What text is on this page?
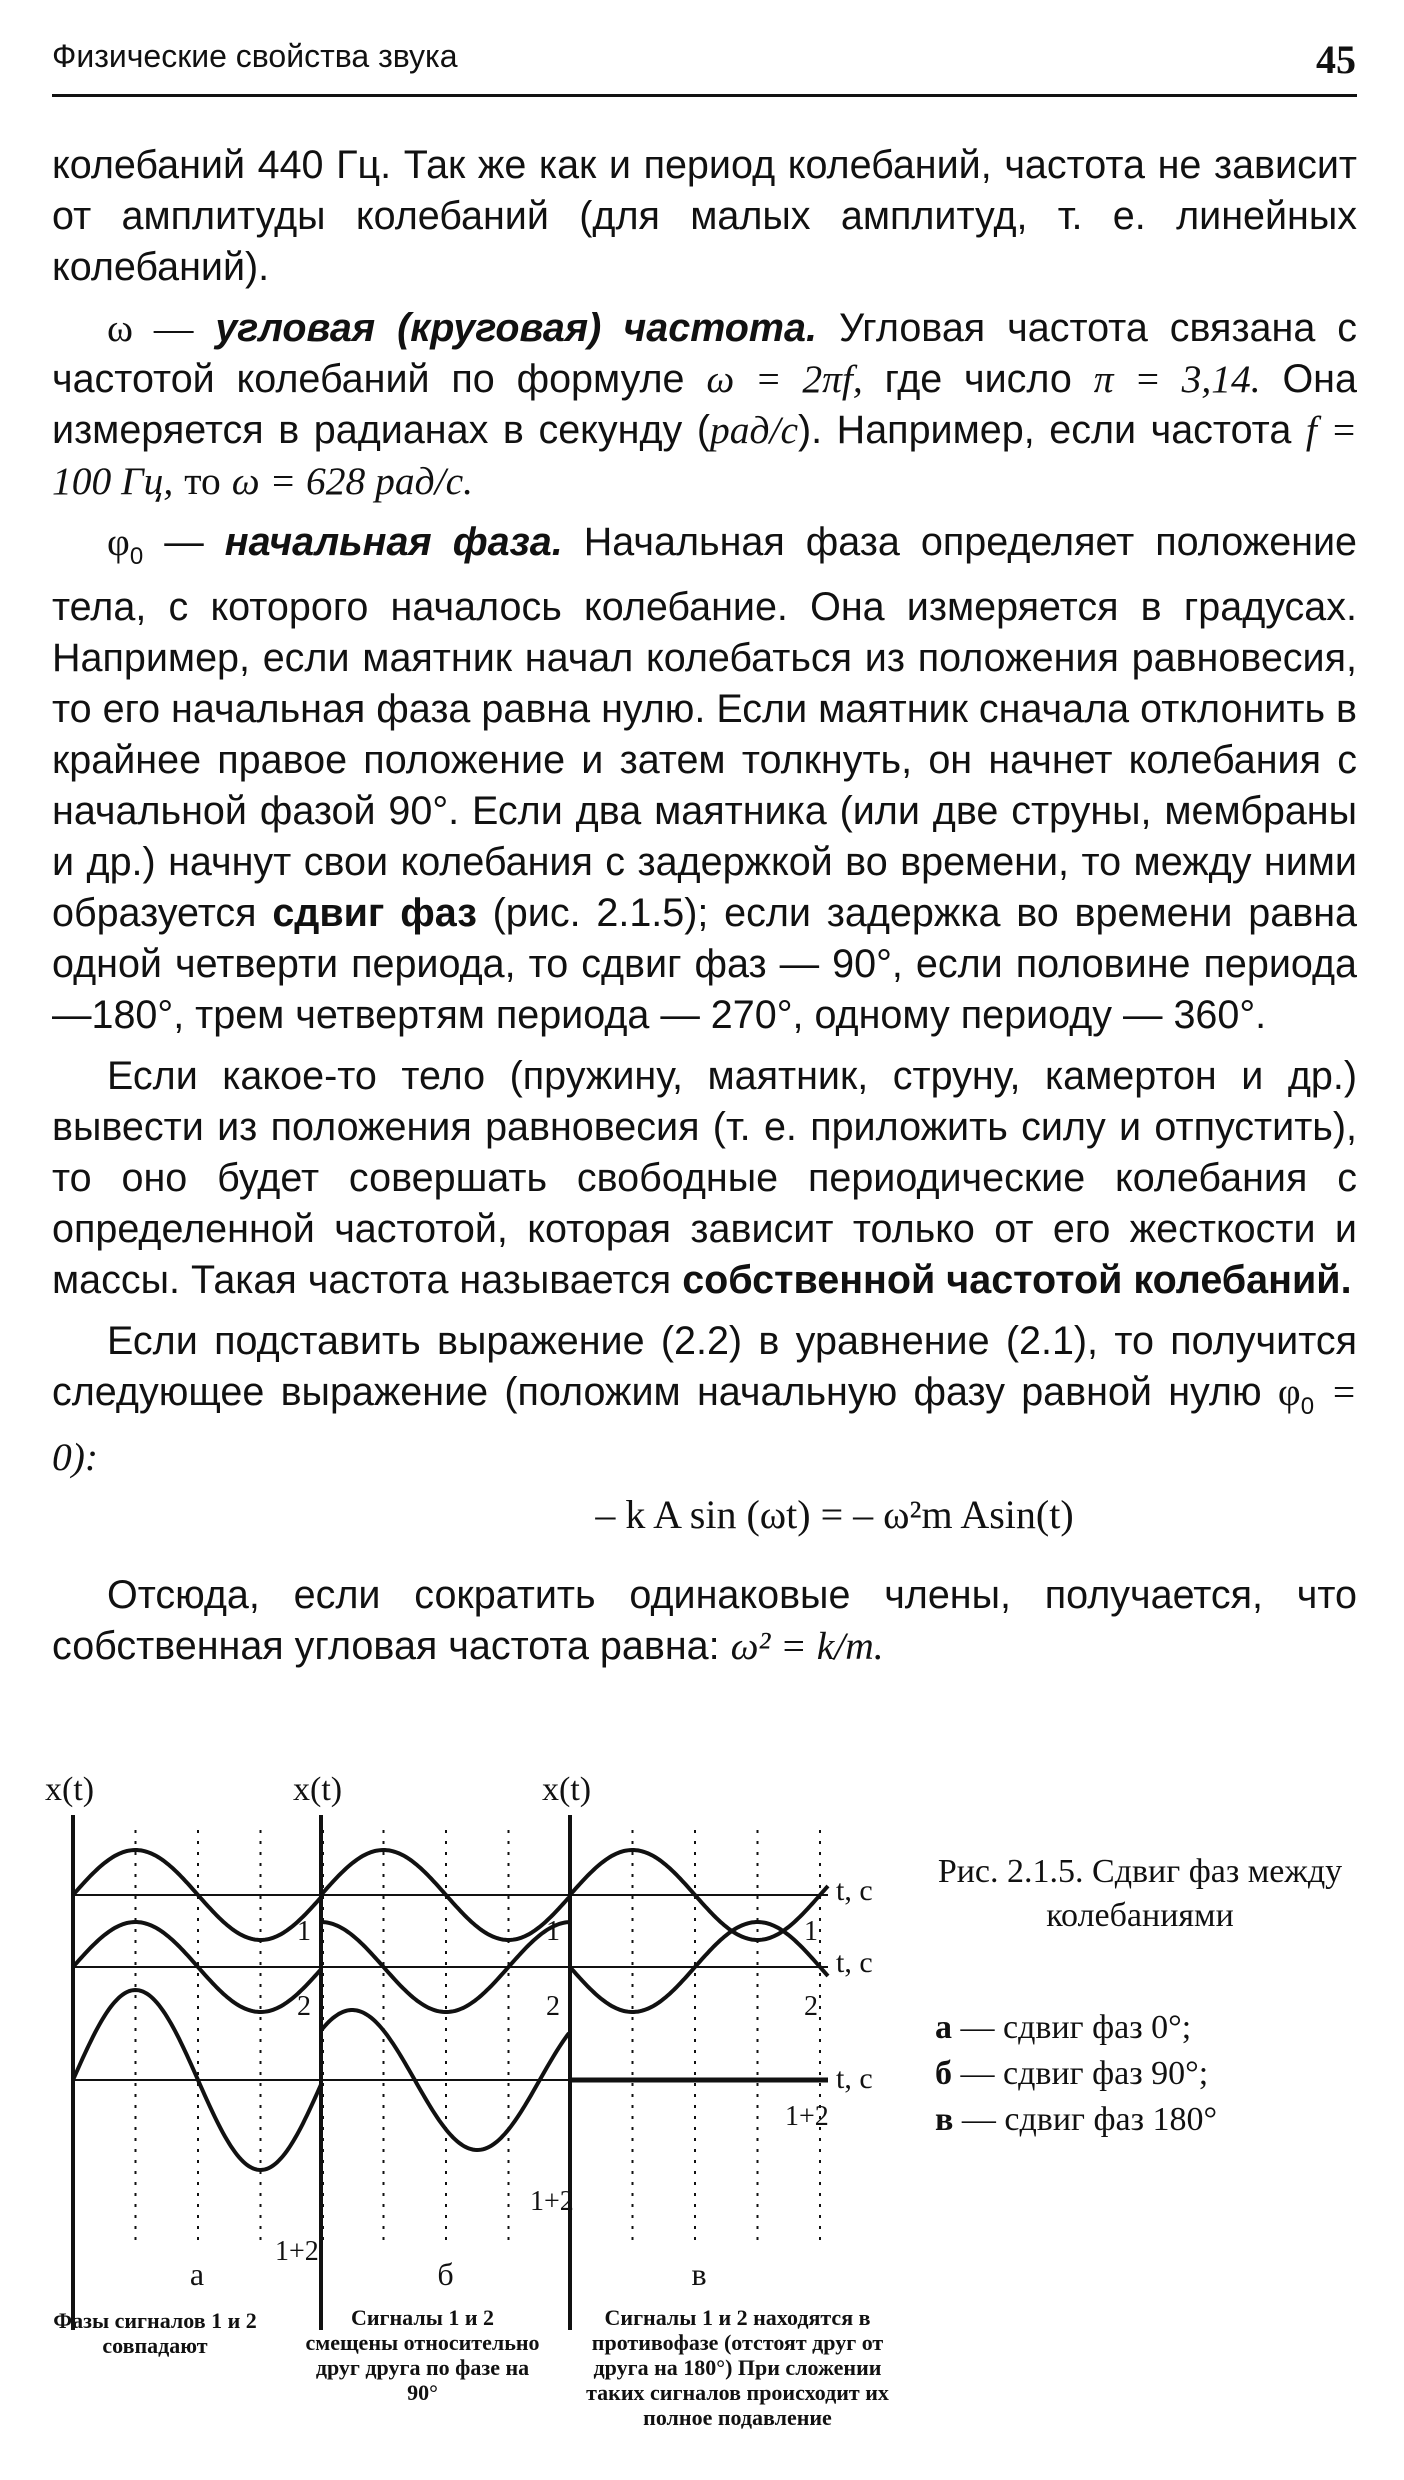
Физические свойства звука	45

колебаний 440 Гц. Так же как и период колебаний, частота не зависит от амплитуды колебаний (для малых амплитуд, т. е. линейных колебаний).

ω — угловая (круговая) частота. Угловая частота связана с частотой колебаний по формуле ω = 2πf, где число π = 3,14. Она измеряется в радианах в секунду (рад/с). Например, если частота f = 100 Гц, то ω = 628 рад/с.

$\varphi_0$ — начальная фаза. Начальная фаза определяет положение тела, с которого началось колебание. Она измеряется в градусах. Например, если маятник начал колебаться из положения равновесия, то его начальная фаза равна нулю. Если маятник сначала отклонить в крайнее правое положение и затем толкнуть, он начнет колебания с начальной фазой 90°. Если два маятника (или две струны, мембраны и др.) начнут свои колебания с задержкой во времени, то между ними образуется сдвиг фаз (рис. 2.1.5); если задержка во времени равна одной четверти периода, то сдвиг фаз — 90°, если половине периода —180°, трем четвертям периода — 270°, одному периоду — 360°.

Если какое-то тело (пружину, маятник, струну, камертон и др.) вывести из положения равновесия (т. е. приложить силу и отпустить), то оно будет совершать свободные периодические колебания с определенной частотой, которая зависит только от его жесткости и массы. Такая частота называется собственной частотой колебаний.

Если подставить выражение (2.2) в уравнение (2.1), то получится следующее выражение (положим начальную фазу равной нулю $\varphi_0 = 0$):

– k A sin (ωt) = – ω²m Asin(t)

Отсюда, если сократить одинаковые члены, получается, что собственная угловая частота равна: ω² = k/m.

x(t)
1
2
а
x(t)
1
2
б
x(t)
1
2
в
1+2
1+2
1+2
t, c
t, c
t, c
Рис. 2.1.5. Сдвиг фаз между колебаниями
а — сдвиг фаз 0°;
б — сдвиг фаз 90°;
в — сдвиг фаз 180°
Фазы сигналов 1 и 2 совпадают
Сигналы 1 и 2 смещены относительно друг друга по фазе на 90°
Сигналы 1 и 2 находятся в противофазе (отстоят друг от друга на 180°) При сложении таких сигналов происходит их полное подавление
